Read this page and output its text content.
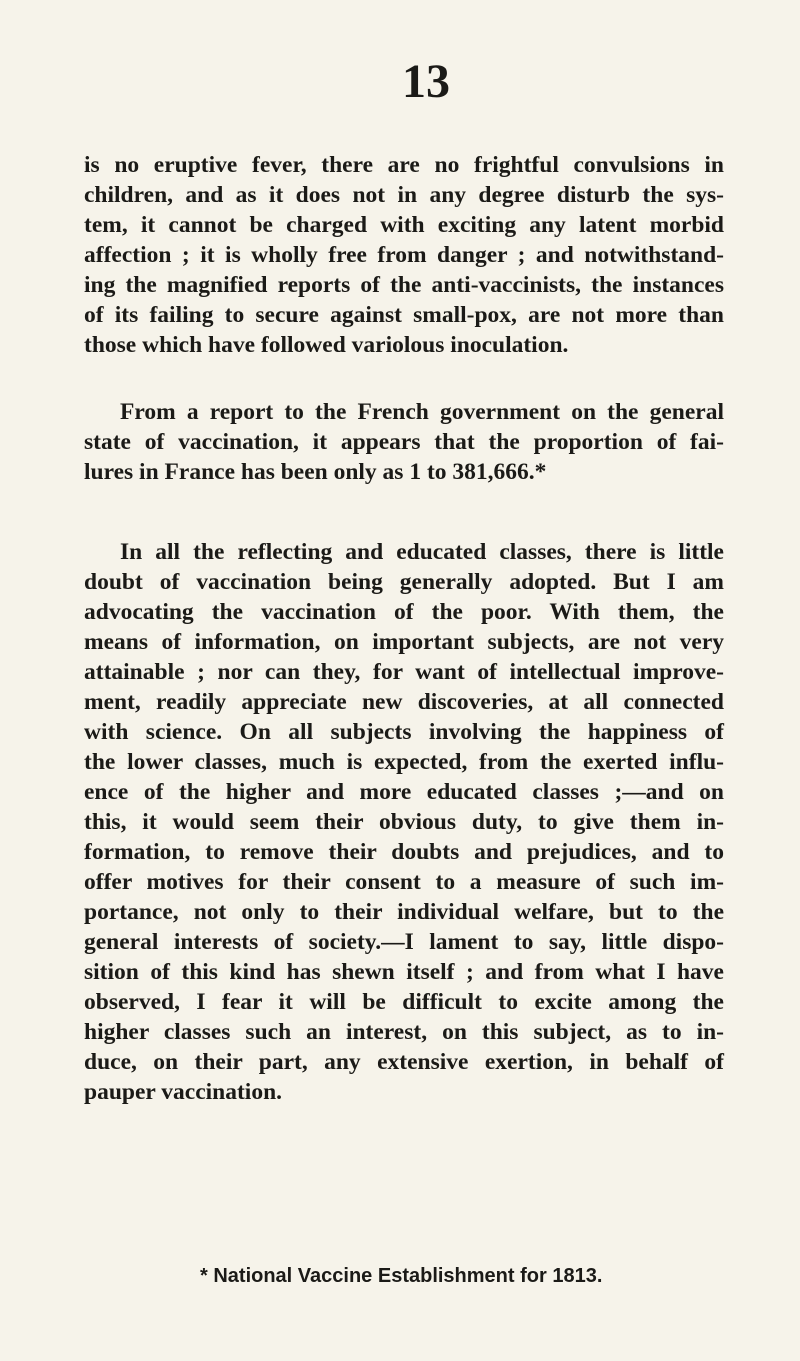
13
is no eruptive fever, there are no frightful convulsions in
children, and as it does not in any degree disturb the sys-
tem, it cannot be charged with exciting any latent morbid
affection ; it is wholly free from danger ; and notwithstand-
ing the magnified reports of the anti-vaccinists, the instances
of its failing to secure against small-pox, are not more than
those which have followed variolous inoculation.
From a report to the French government on the general
state of vaccination, it appears that the proportion of fai-
lures in France has been only as 1 to 381,666.*
In all the reflecting and educated classes, there is little
doubt of vaccination being generally adopted. But I am
advocating the vaccination of the poor. With them, the
means of information, on important subjects, are not very
attainable ; nor can they, for want of intellectual improve-
ment, readily appreciate new discoveries, at all connected
with science. On all subjects involving the happiness of
the lower classes, much is expected, from the exerted influ-
ence of the higher and more educated classes ;—and on
this, it would seem their obvious duty, to give them in-
formation, to remove their doubts and prejudices, and to
offer motives for their consent to a measure of such im-
portance, not only to their individual welfare, but to the
general interests of society.—I lament to say, little dispo-
sition of this kind has shewn itself ; and from what I have
observed, I fear it will be difficult to excite among the
higher classes such an interest, on this subject, as to in-
duce, on their part, any extensive exertion, in behalf of
pauper vaccination.
* National Vaccine Establishment for 1813.
